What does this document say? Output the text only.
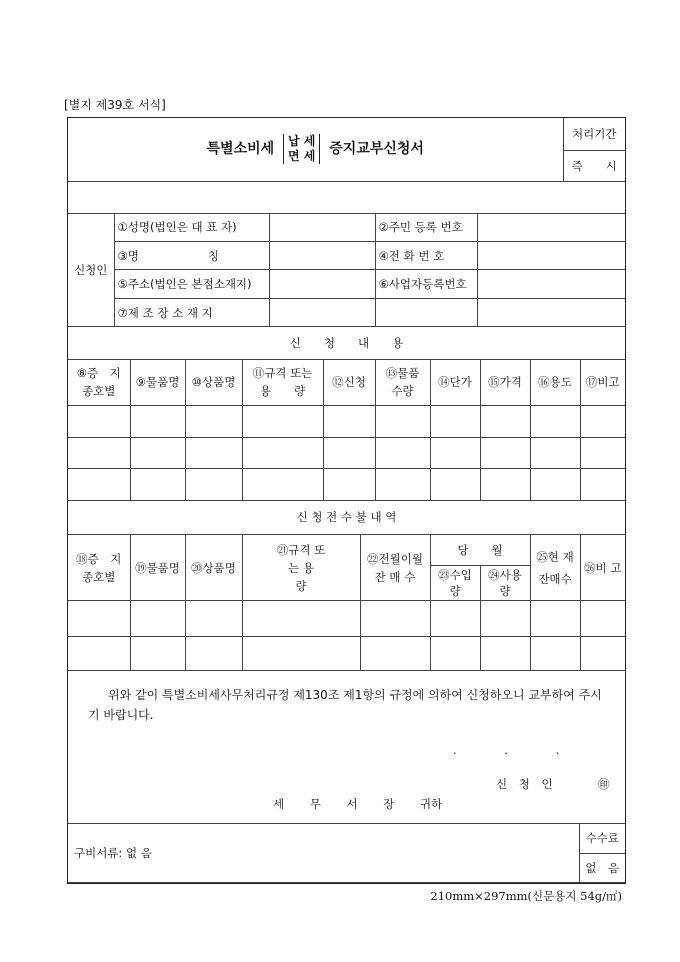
[별지 제39호 서식]
특별소비세 납 세
면 세 증지교부신청서	처리기간
즉　　시

신청인	①성명(법인은 대 표 자)		②주민 등록 번호	
	③명　　　　　　칭		④전 화 번 호	
	⑤주소(법인은 본점소재지)		⑥사업자등록번호	
	⑦제 조 장 소 재 지			
신　　청　　내　　용									
⑧증　지 종호별	⑨물품명	⑩상품명	⑪규격 또는 용　　량	⑫신청	⑬물품 수량	⑭단가	⑮가격	⑯용도	⑰비고

신 청 전 수 불 내 역								
⑱증　지 종호별	⑲물품명	⑳상품명	㉑규격 또는 용　　량	㉒전월이월 잔 매 수	당　　월		㉕현 재 잔매수	㉖비 고
					㉓수입 량	㉔사용 량		

위와 같이 특별소비세사무처리규정 제130조 제1항의 규정에 의하여 신청하오니 교부하여 주시기 바랍니다.

. . .
신 청 인	㊞
세 무 서 장 귀하
구비서류: 없 음	수수료
없　음
210mm×297mm(신문용지 54g/㎡)
